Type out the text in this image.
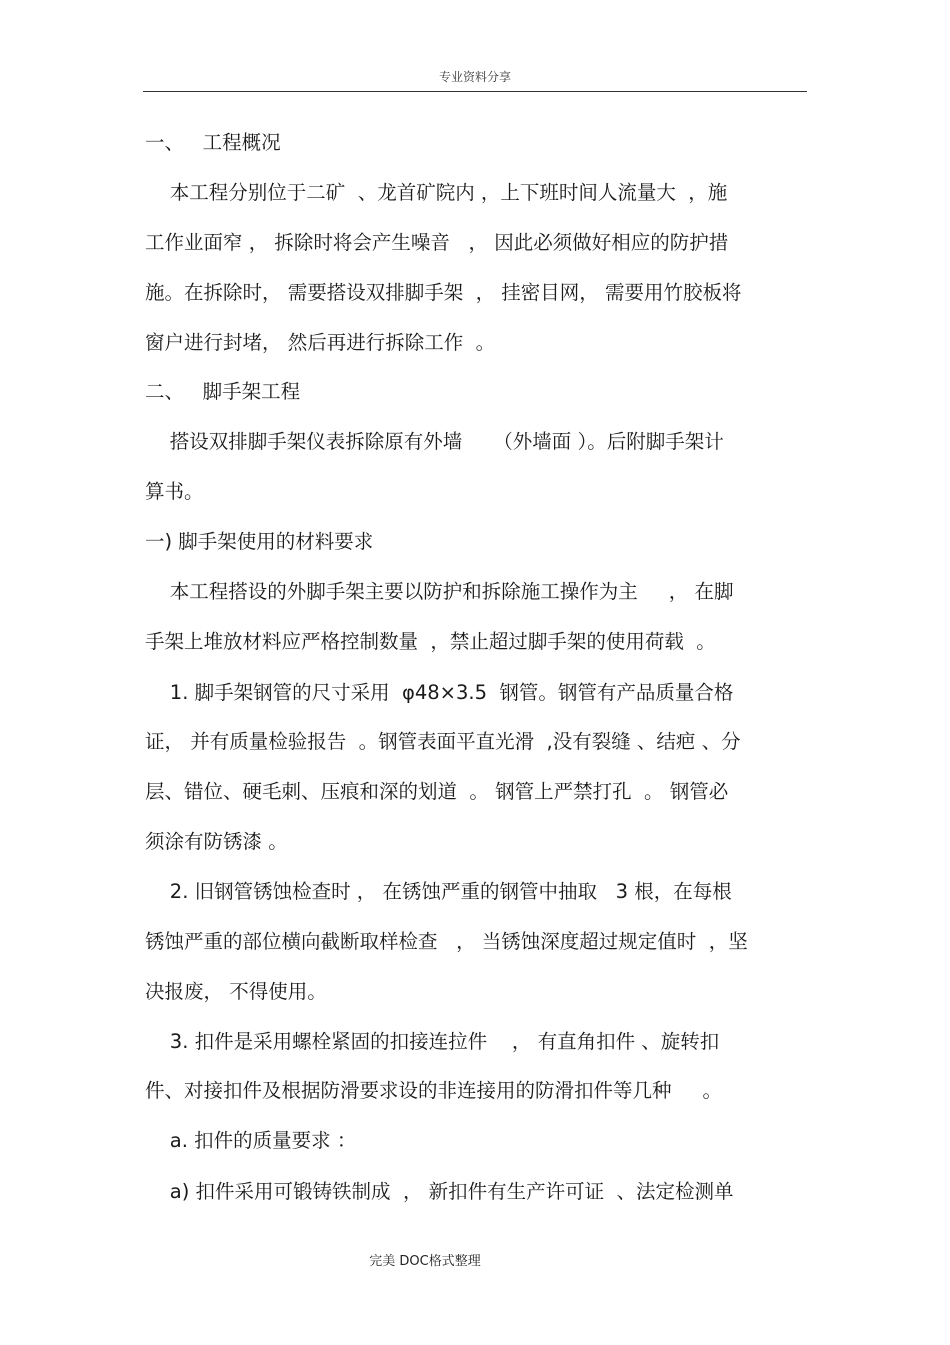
专业资料分享
一、   工程概况
本工程分别位于二矿  、龙首矿院内 ，上下班时间人流量大  ，施
工作业面窄 ， 拆除时将会产生噪音   ， 因此必须做好相应的防护措
施。在拆除时， 需要搭设双排脚手架  ， 挂密目网， 需要用竹胶板将
窗户进行封堵， 然后再进行拆除工作  。
二、   脚手架工程
搭设双排脚手架仪表拆除原有外墙     （外墙面 ）。后附脚手架计
算书。
一) 脚手架使用的材料要求
本工程搭设的外脚手架主要以防护和拆除施工操作为主     ， 在脚
手架上堆放材料应严格控制数量  ，禁止超过脚手架的使用荷载  。
1. 脚手架钢管的尺寸采用  φ48×3.5  钢管。钢管有产品质量合格
证， 并有质量检验报告  。钢管表面平直光滑  ,没有裂缝 、结疤 、分
层、错位、硬毛刺、压痕和深的划道  。 钢管上严禁打孔  。 钢管必
须涂有防锈漆 。
2. 旧钢管锈蚀检查时 ， 在锈蚀严重的钢管中抽取   3 根，在每根
锈蚀严重的部位横向截断取样检查   ， 当锈蚀深度超过规定值时  ，坚
决报废， 不得使用。
3. 扣件是采用螺栓紧固的扣接连拉件    ， 有直角扣件 、旋转扣
件、对接扣件及根据防滑要求设的非连接用的防滑扣件等几种     。
a. 扣件的质量要求 ：
a) 扣件采用可锻铸铁制成  ， 新扣件有生产许可证  、法定检测单
完美 DOC格式整理
